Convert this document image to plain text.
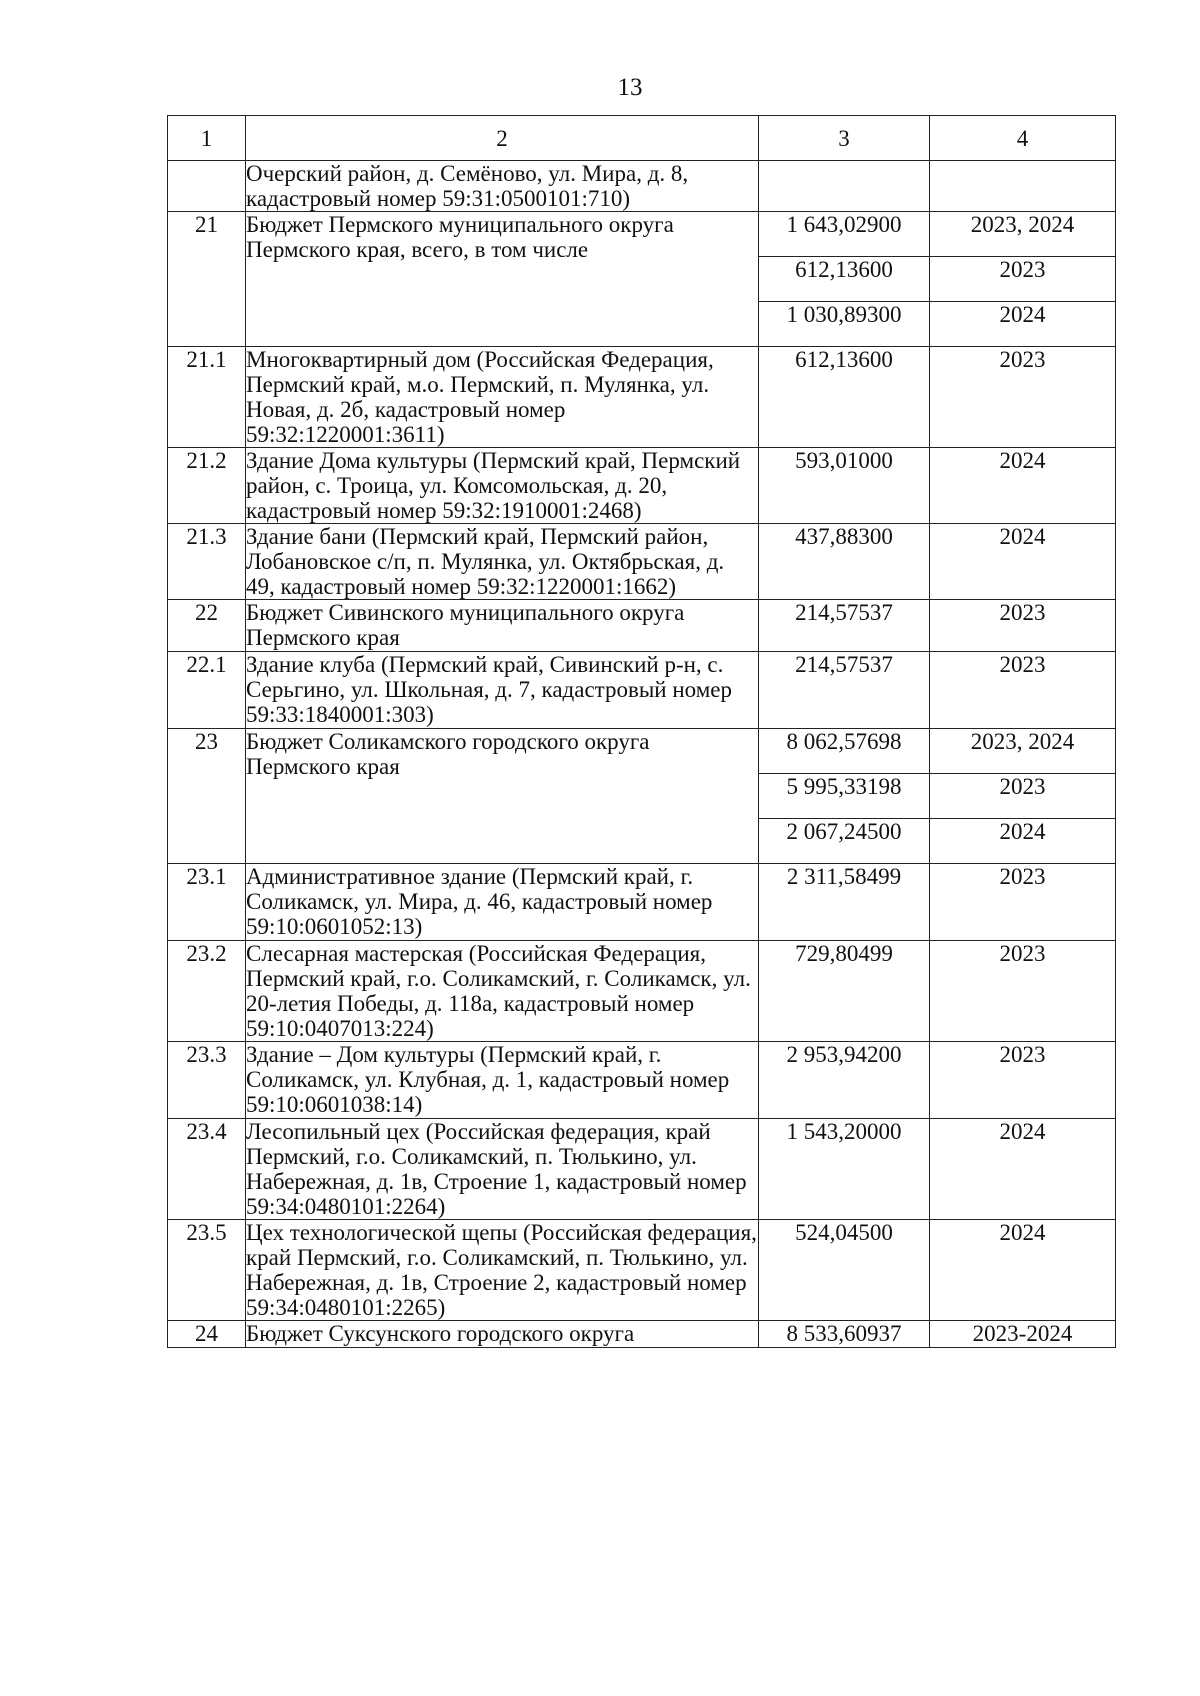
13
1	2	3	4
	Очерский район, д. Семёново, ул. Мира, д. 8, кадастровый номер 59:31:0500101:710)		
21	Бюджет Пермского муниципального округа Пермского края, всего, в том числе	1 643,02900	2023, 2024
		612,13600	2023
		1 030,89300	2024
21.1	Многоквартирный дом (Российская Федерация, Пермский край, м.о. Пермский, п. Мулянка, ул. Новая, д. 2б, кадастровый номер 59:32:1220001:3611)	612,13600	2023
21.2	Здание Дома культуры (Пермский край, Пермский район, с. Троица, ул. Комсомольская, д. 20, кадастровый номер 59:32:1910001:2468)	593,01000	2024
21.3	Здание бани (Пермский край, Пермский район, Лобановское с/п, п. Мулянка, ул. Октябрьская, д. 49, кадастровый номер 59:32:1220001:1662)	437,88300	2024
22	Бюджет Сивинского муниципального округа Пермского края	214,57537	2023
22.1	Здание клуба (Пермский край, Сивинский р-н, с. Серьгино, ул. Школьная, д. 7, кадастровый номер 59:33:1840001:303)	214,57537	2023
23	Бюджет Соликамского городского округа Пермского края	8 062,57698	2023, 2024
		5 995,33198	2023
		2 067,24500	2024
23.1	Административное здание (Пермский край, г. Соликамск, ул. Мира, д. 46, кадастровый номер 59:10:0601052:13)	2 311,58499	2023
23.2	Слесарная мастерская (Российская Федерация, Пермский край, г.о. Соликамский, г. Соликамск, ул. 20-летия Победы, д. 118а, кадастровый номер 59:10:0407013:224)	729,80499	2023
23.3	Здание – Дом культуры (Пермский край, г. Соликамск, ул. Клубная, д. 1, кадастровый номер 59:10:0601038:14)	2 953,94200	2023
23.4	Лесопильный цех (Российская федерация, край Пермский, г.о. Соликамский, п. Тюлькино, ул. Набережная, д. 1в, Строение 1, кадастровый номер 59:34:0480101:2264)	1 543,20000	2024
23.5	Цех технологической щепы (Российская федерация, край Пермский, г.о. Соликамский, п. Тюлькино, ул. Набережная, д. 1в, Строение 2, кадастровый номер 59:34:0480101:2265)	524,04500	2024
24	Бюджет Суксунского городского округа	8 533,60937	2023-2024
